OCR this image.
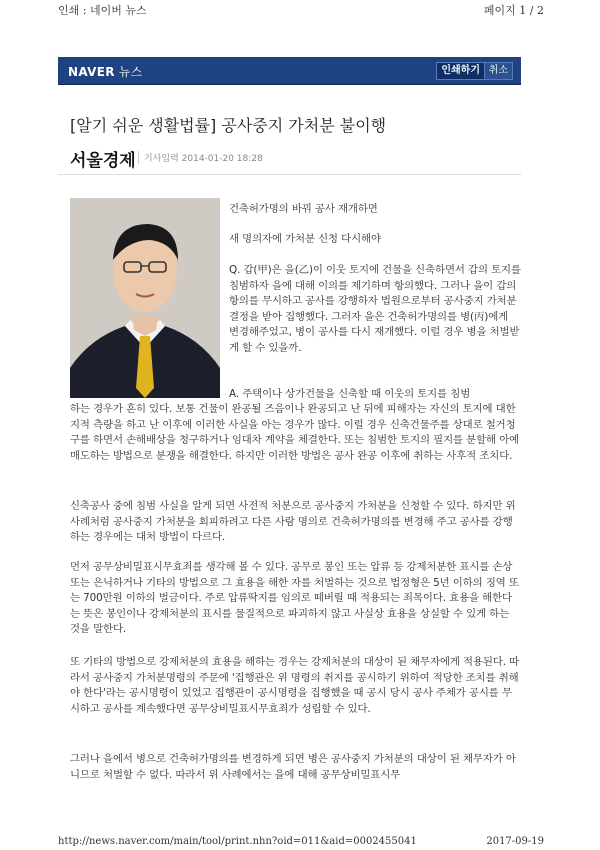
인쇄 : 네이버 뉴스	페이지 1 / 2
NAVER 뉴스	인쇄하기 취소
[알기 쉬운 생활법률] 공사중지 가처분 불이행
서울경제 기사입력 2014-01-20 18:28

건축허가명의 바꿔 공사 재개하면

새 명의자에 가처분 신청 다시해야

Q. 갑(甲)은 을(乙)이 이웃 토지에 건물을 신축하면서 갑의 토지를 침범하자 을에 대해 이의를 제기하며 항의했다. 그러나 을이 갑의 항의를 무시하고 공사를 강행하자 법원으로부터 공사중지 가처분 결정을 받아 집행했다. 그러자 을은 건축허가명의를 병(丙)에게 변경해주었고, 병이 공사를 다시 재개했다. 이럴 경우 병을 처벌받게 할 수 있을까.

A. 주택이나 상가건물을 신축할 때 이웃의 토지를 침범

하는 경우가 흔히 있다. 보통 건물이 완공될 즈음이나 완공되고 난 뒤에 피해자는 자신의 토지에 대한 지적 측량을 하고 난 이후에 이러한 사실을 아는 경우가 많다. 이럴 경우 신축건물주를 상대로 철거청구를 하면서 손해배상을 청구하거나 임대차 계약을 체결한다. 또는 침범한 토지의 필지를 분할해 아예 매도하는 방법으로 분쟁을 해결한다. 하지만 이러한 방법은 공사 완공 이후에 취하는 사후적 조치다.

신축공사 중에 침범 사실을 알게 되면 사전적 처분으로 공사중지 가처분을 신청할 수 있다. 하지만 위 사례처럼 공사중지 가처분을 회피하려고 다른 사람 명의로 건축허가명의를 변경해 주고 공사를 강행하는 경우에는 대처 방법이 다르다.

먼저 공무상비밀표시무효죄를 생각해 볼 수 있다. 공무로 봉인 또는 압류 등 강제처분한 표시를 손상 또는 은닉하거나 기타의 방법으로 그 효용을 해한 자를 처벌하는 것으로 법정형은 5년 이하의 징역 또는 700만원 이하의 벌금이다. 주로 압류딱지를 임의로 떼버릴 때 적용되는 죄목이다. 효용을 해한다는 뜻은 봉인이나 강제처분의 표시를 물질적으로 파괴하지 않고 사실상 효용을 상실할 수 있게 하는 것을 말한다.

또 기타의 방법으로 강제처분의 효용을 해하는 경우는 강제처분의 대상이 된 채무자에게 적용된다. 따라서 공사중지 가처분명령의 주문에 '집행관은 위 명령의 취지를 공시하기 위하여 적당한 조치를 취해야 한다'라는 공시명령이 있었고 집행관이 공시명령을 집행했을 때 공시 당시 공사 주체가 공시를 무시하고 공사를 계속했다면 공무상비밀표시무효죄가 성립할 수 있다.

그러나 을에서 병으로 건축허가명의를 변경하게 되면 병은 공사중지 가처분의 대상이 된 채무자가 아니므로 처벌할 수 없다. 따라서 위 사례에서는 을에 대해 공무상비밀표시무

http://news.naver.com/main/tool/print.nhn?oid=011&aid=0002455041	2017-09-19
